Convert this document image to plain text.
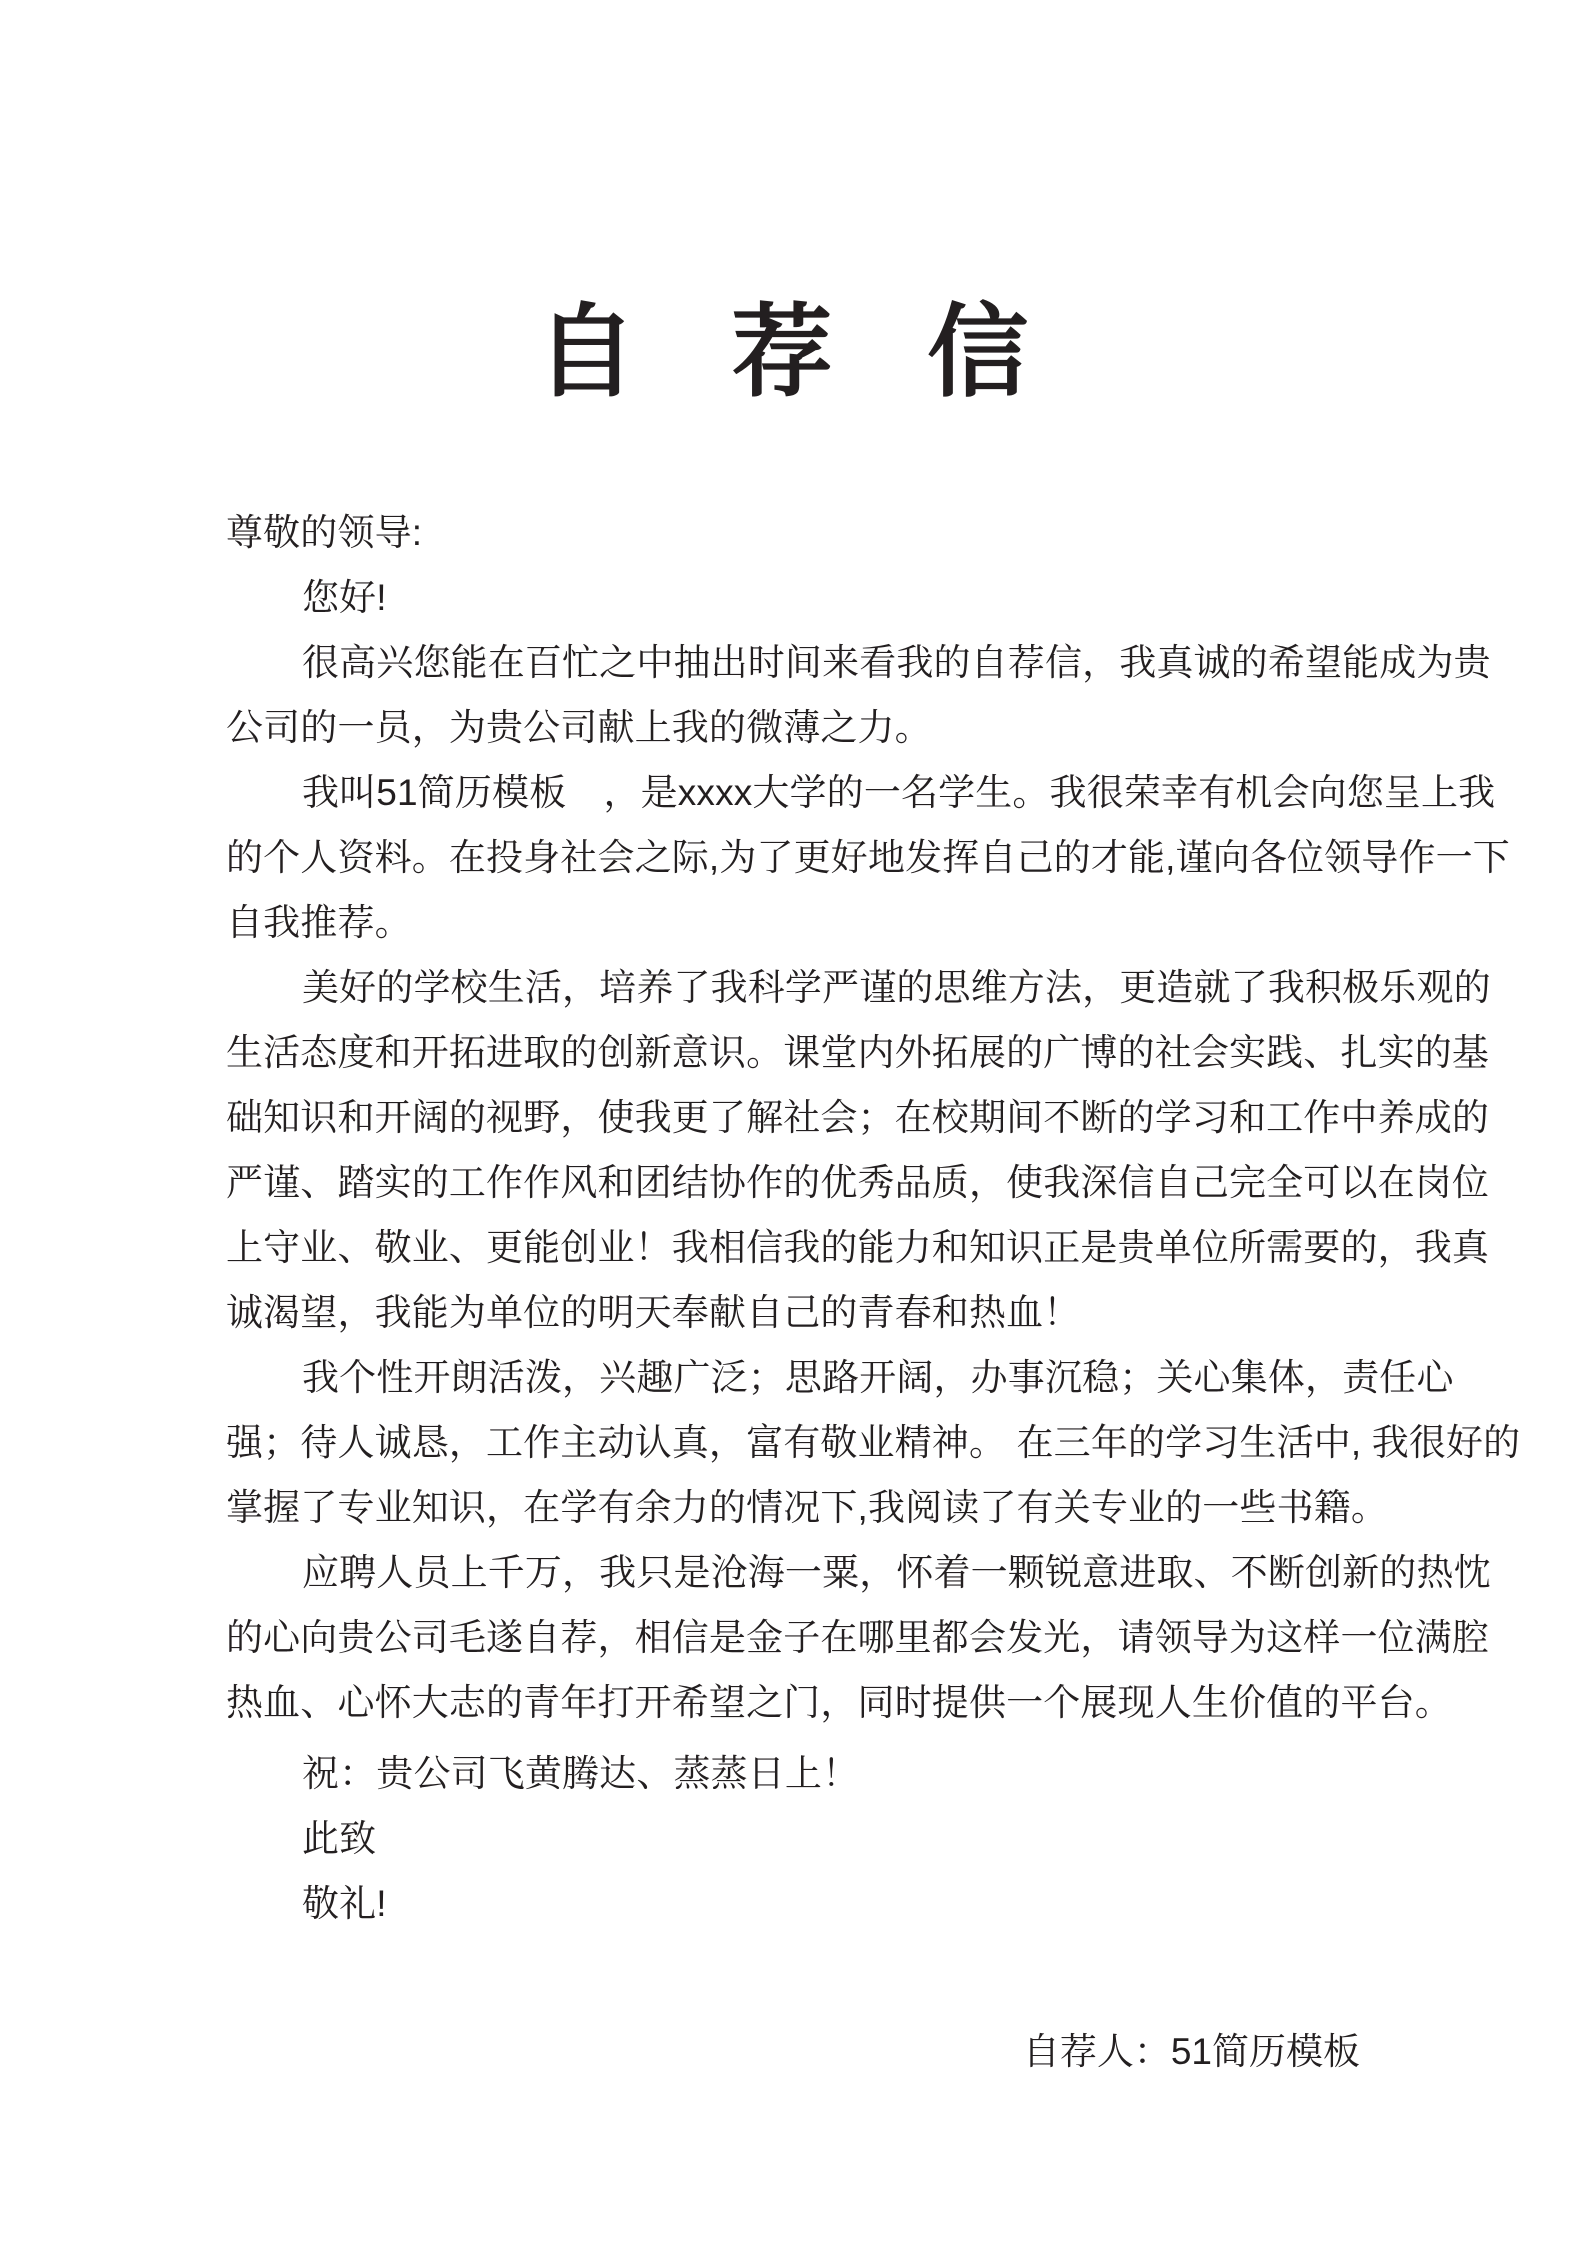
自 荐 信
尊敬的领导:
您好!
很高兴您能在百忙之中抽出时间来看我的自荐信，我真诚的希望能成为贵
公司的一员，为贵公司献上我的微薄之力。
我叫51简历模板　，是xxxx大学的一名学生。我很荣幸有机会向您呈上我
的个人资料。在投身社会之际,为了更好地发挥自己的才能,谨向各位领导作一下
自我推荐。
美好的学校生活，培养了我科学严谨的思维方法，更造就了我积极乐观的
生活态度和开拓进取的创新意识。课堂内外拓展的广博的社会实践、扎实的基
础知识和开阔的视野，使我更了解社会；在校期间不断的学习和工作中养成的
严谨、踏实的工作作风和团结协作的优秀品质，使我深信自己完全可以在岗位
上守业、敬业、更能创业！我相信我的能力和知识正是贵单位所需要的，我真
诚渴望，我能为单位的明天奉献自己的青春和热血！
我个性开朗活泼，兴趣广泛；思路开阔，办事沉稳；关心集体，责任心
强；待人诚恳，工作主动认真，富有敬业精神。 在三年的学习生活中, 我很好的
掌握了专业知识，在学有余力的情况下,我阅读了有关专业的一些书籍。
应聘人员上千万，我只是沧海一粟，怀着一颗锐意进取、不断创新的热忱
的心向贵公司毛遂自荐，相信是金子在哪里都会发光，请领导为这样一位满腔
热血、心怀大志的青年打开希望之门，同时提供一个展现人生价值的平台。
祝：贵公司飞黄腾达、蒸蒸日上！
此致
敬礼!
自荐人：51简历模板
